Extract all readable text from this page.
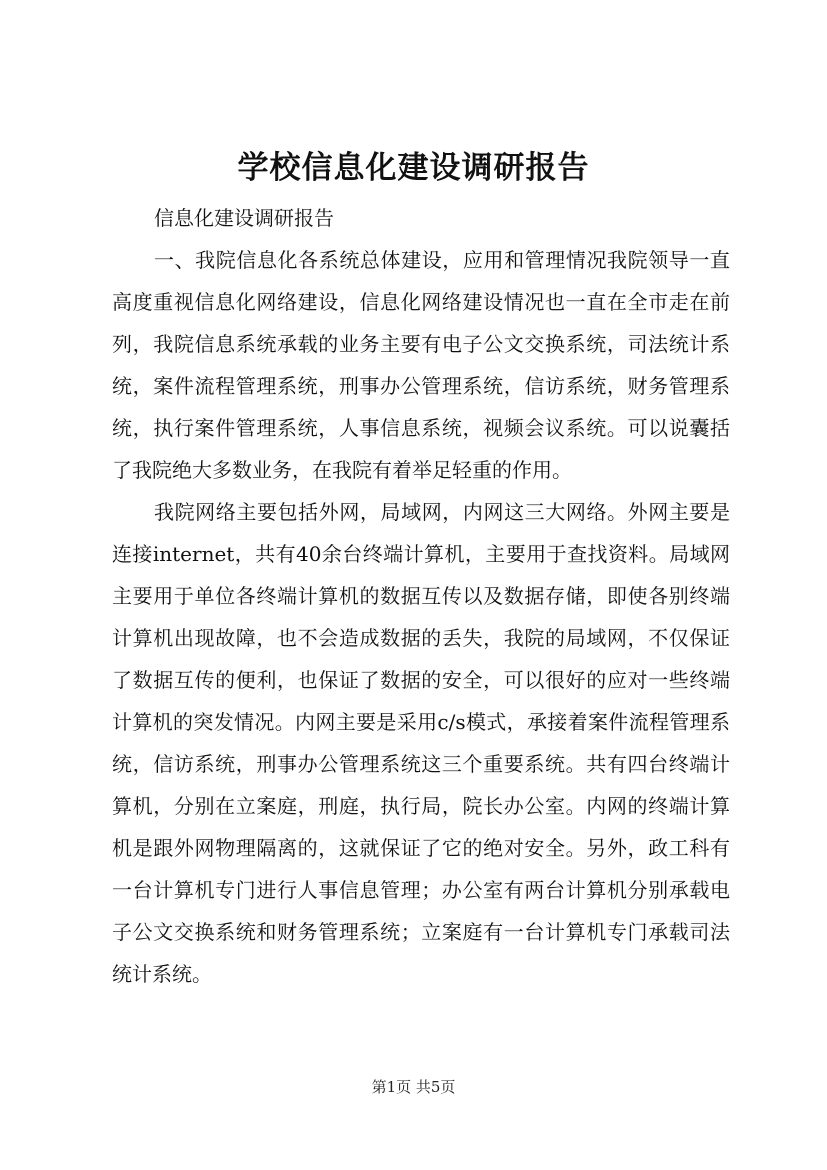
学校信息化建设调研报告

信息化建设调研报告

一、我院信息化各系统总体建设，应用和管理情况我院领导一直高度重视信息化网络建设，信息化网络建设情况也一直在全市走在前列，我院信息系统承载的业务主要有电子公文交换系统，司法统计系统，案件流程管理系统，刑事办公管理系统，信访系统，财务管理系统，执行案件管理系统，人事信息系统，视频会议系统。可以说囊括了我院绝大多数业务，在我院有着举足轻重的作用。

我院网络主要包括外网，局域网，内网这三大网络。外网主要是连接internet，共有40余台终端计算机，主要用于查找资料。局域网主要用于单位各终端计算机的数据互传以及数据存储，即使各别终端计算机出现故障，也不会造成数据的丢失，我院的局域网，不仅保证了数据互传的便利，也保证了数据的安全，可以很好的应对一些终端计算机的突发情况。内网主要是采用c/s模式，承接着案件流程管理系统，信访系统，刑事办公管理系统这三个重要系统。共有四台终端计算机，分别在立案庭，刑庭，执行局，院长办公室。内网的终端计算机是跟外网物理隔离的，这就保证了它的绝对安全。另外，政工科有一台计算机专门进行人事信息管理；办公室有两台计算机分别承载电子公文交换系统和财务管理系统；立案庭有一台计算机专门承载司法统计系统。

第1页 共5页
